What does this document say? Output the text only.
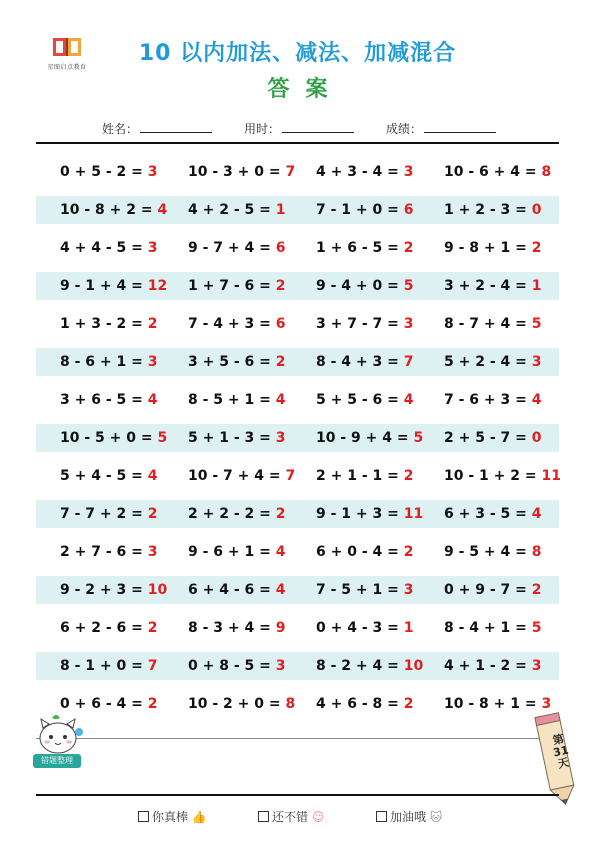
星图启点教育
10 以内加法、减法、加减混合
答案
姓名：	用时：	成绩：
0 + 5 - 2 = 3 10 - 3 + 0 = 7 4 + 3 - 4 = 3 10 - 6 + 4 = 8
10 - 8 + 2 = 4 4 + 2 - 5 = 1 7 - 1 + 0 = 6 1 + 2 - 3 = 0
4 + 4 - 5 = 3 9 - 7 + 4 = 6 1 + 6 - 5 = 2 9 - 8 + 1 = 2
9 - 1 + 4 = 12 1 + 7 - 6 = 2 9 - 4 + 0 = 5 3 + 2 - 4 = 1
1 + 3 - 2 = 2 7 - 4 + 3 = 6 3 + 7 - 7 = 3 8 - 7 + 4 = 5
8 - 6 + 1 = 3 3 + 5 - 6 = 2 8 - 4 + 3 = 7 5 + 2 - 4 = 3
3 + 6 - 5 = 4 8 - 5 + 1 = 4 5 + 5 - 6 = 4 7 - 6 + 3 = 4
10 - 5 + 0 = 5 5 + 1 - 3 = 3 10 - 9 + 4 = 5 2 + 5 - 7 = 0
5 + 4 - 5 = 4 10 - 7 + 4 = 7 2 + 1 - 1 = 2 10 - 1 + 2 = 11
7 - 7 + 2 = 2 2 + 2 - 2 = 2 9 - 1 + 3 = 11 6 + 3 - 5 = 4
2 + 7 - 6 = 3 9 - 6 + 1 = 4 6 + 0 - 4 = 2 9 - 5 + 4 = 8
9 - 2 + 3 = 10 6 + 4 - 6 = 4 7 - 5 + 1 = 3 0 + 9 - 7 = 2
6 + 2 - 6 = 2 8 - 3 + 4 = 9 0 + 4 - 3 = 1 8 - 4 + 1 = 5
8 - 1 + 0 = 7 0 + 8 - 5 = 3 8 - 2 + 4 = 10 4 + 1 - 2 = 3
0 + 6 - 4 = 2 10 - 2 + 0 = 8 4 + 6 - 8 = 2 10 - 8 + 1 = 3
错题整理
第31天
你真棒 👍	还不错 ☺	加油哦 🐱
